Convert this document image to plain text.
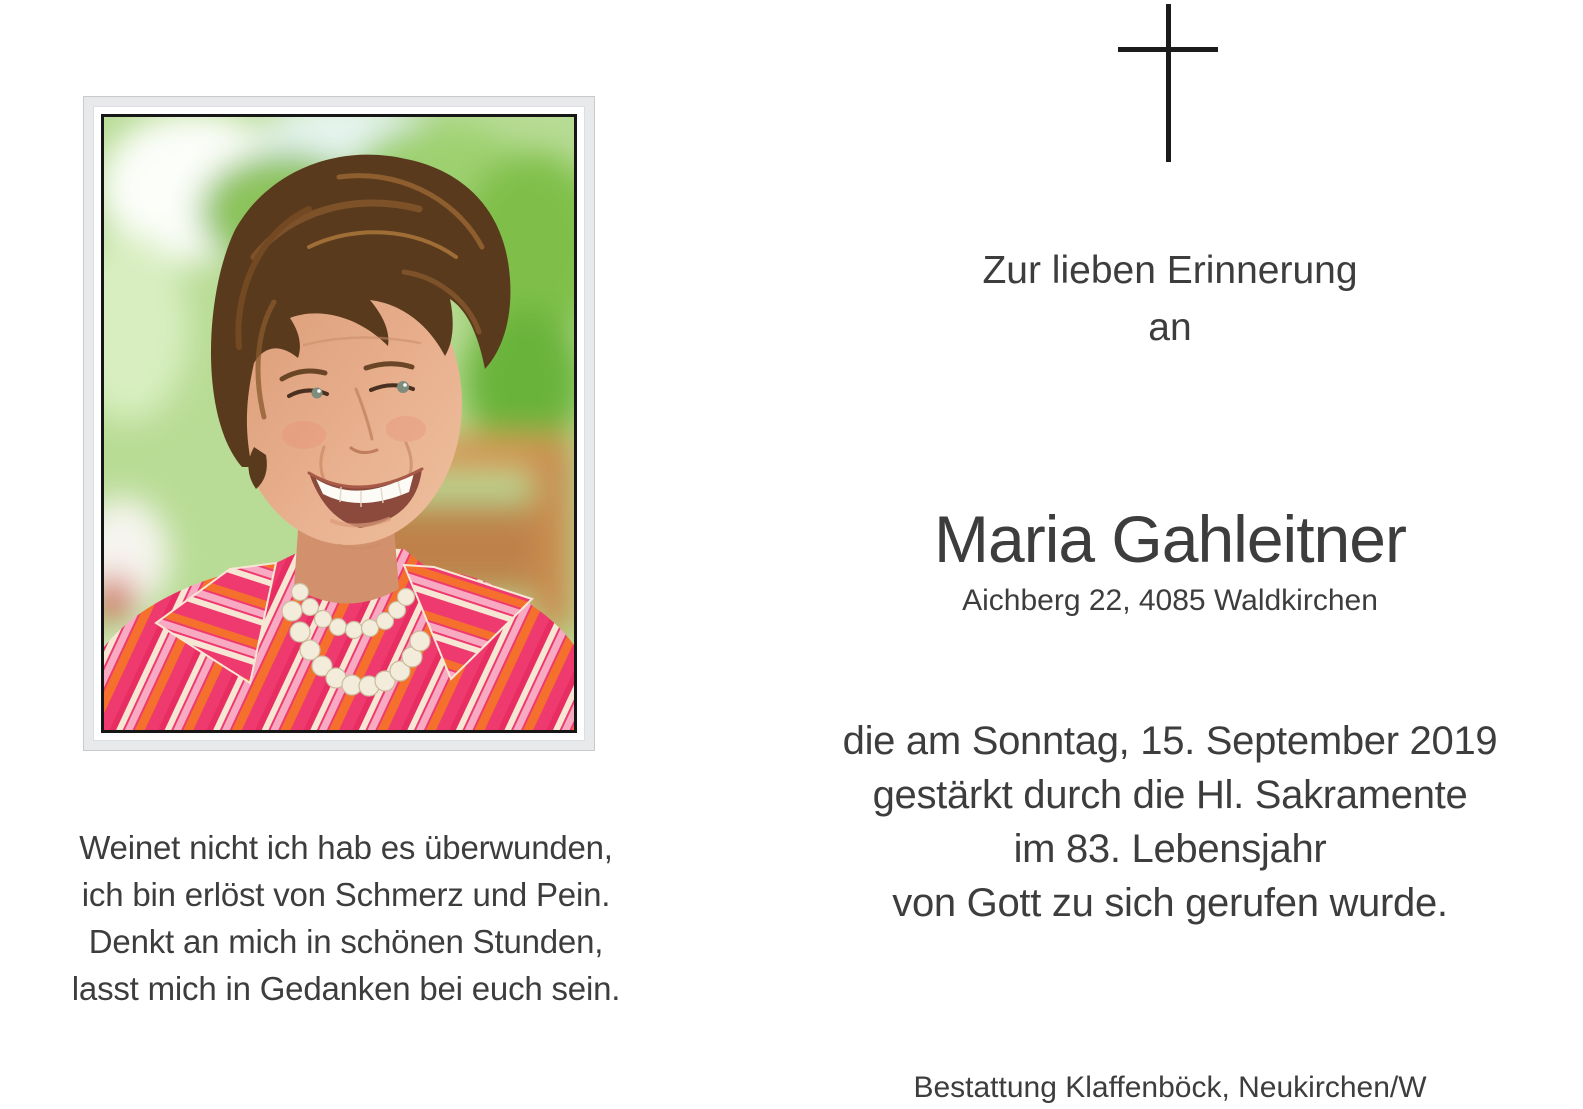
Weinet nicht ich hab es überwunden,
ich bin erlöst von Schmerz und Pein.
Denkt an mich in schönen Stunden,
lasst mich in Gedanken bei euch sein.
Zur lieben Erinnerung
an
Maria Gahleitner
Aichberg 22, 4085 Waldkirchen
die am Sonntag, 15. September 2019
gestärkt durch die Hl. Sakramente
im 83. Lebensjahr
von Gott zu sich gerufen wurde.
Bestattung Klaffenböck, Neukirchen/W
